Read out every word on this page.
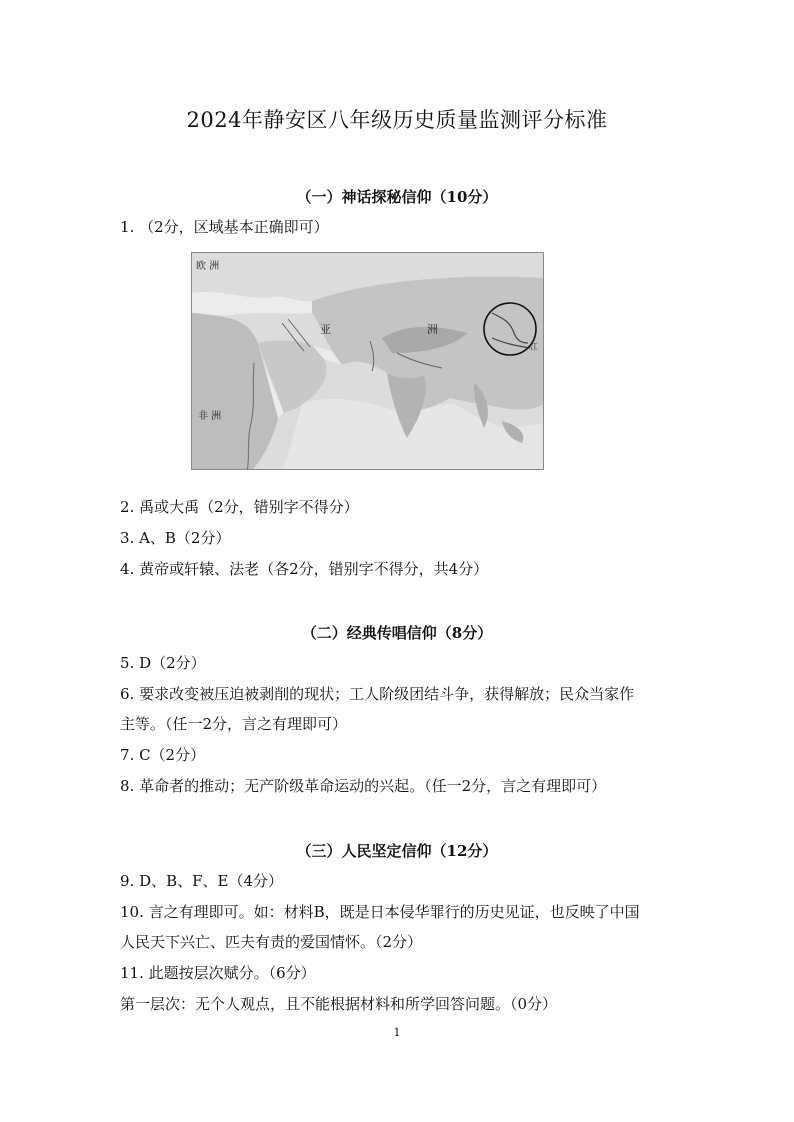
2024年静安区八年级历史质量监测评分标准
（一）神话探秘信仰（10分）
1. （2分，区域基本正确即可）
欧 洲
亚	洲
非 洲
江
2. 禹或大禹（2分，错别字不得分）
3. A、B（2分）
4. 黄帝或轩辕、法老（各2分，错别字不得分，共4分）
（二）经典传唱信仰（8分）
5. D（2分）
6. 要求改变被压迫被剥削的现状；工人阶级团结斗争，获得解放；民众当家作
主等。（任一2分，言之有理即可）
7. C（2分）
8. 革命者的推动；无产阶级革命运动的兴起。（任一2分，言之有理即可）
（三）人民坚定信仰（12分）
9. D、B、F、E（4分）
10. 言之有理即可。如：材料B，既是日本侵华罪行的历史见证，也反映了中国
人民天下兴亡、匹夫有责的爱国情怀。（2分）
11. 此题按层次赋分。（6分）
第一层次：无个人观点，且不能根据材料和所学回答问题。（0分）
1
